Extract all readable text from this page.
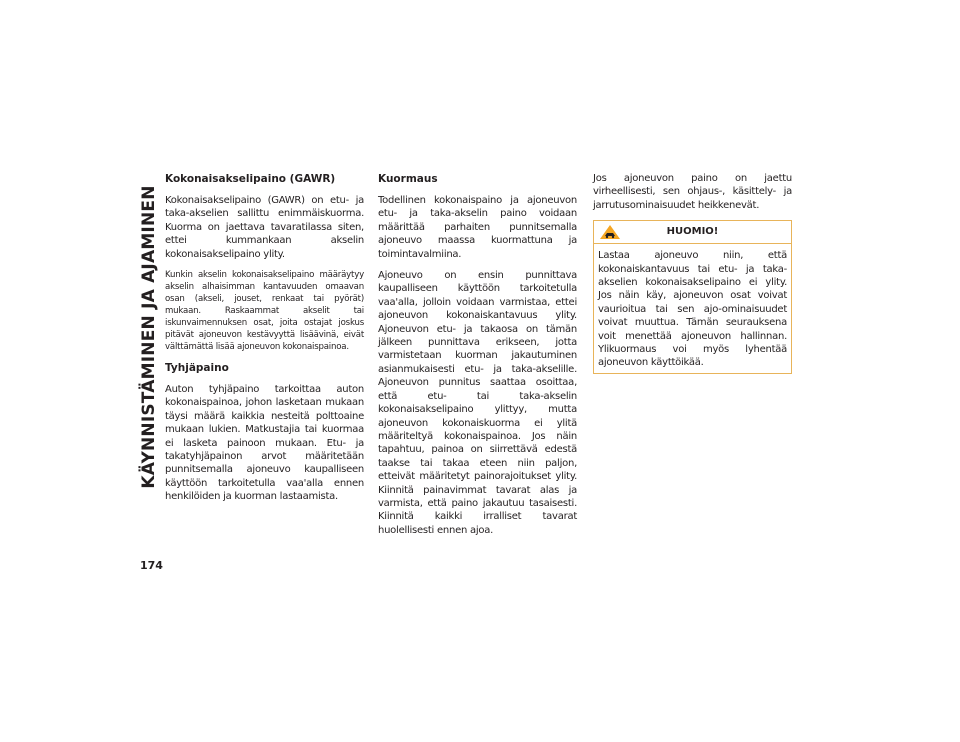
KÄYNNISTÄMINEN JA AJAMINEN
174
Kokonaisakselipaino (GAWR)

Kokonaisakselipaino (GAWR) on etu- ja taka-akselien sallittu enimmäiskuorma. Kuorma on jaettava tavaratilassa siten, ettei kummankaan akselin kokonaisakselipaino ylity.

Kunkin akselin kokonaisakselipaino määräytyy akselin alhaisimman kantavuuden omaavan osan (akseli, jouset, renkaat tai pyörät) mukaan. Raskaammat akselit tai iskunvaimennuksen osat, joita ostajat joskus pitävät ajoneuvon kestävyyttä lisäävinä, eivät välttämättä lisää ajoneuvon kokonaispainoa.

Tyhjäpaino

Auton tyhjäpaino tarkoittaa auton kokonaispainoa, johon lasketaan mukaan täysi määrä kaikkia nesteitä polttoaine mukaan lukien. Matkustajia tai kuormaa ei lasketa painoon mukaan. Etu- ja takatyhjäpainon arvot määritetään punnitsemalla ajoneuvo kaupalliseen käyttöön tarkoitetulla vaa'alla ennen henkilöiden ja kuorman lastaamista.

Kuormaus

Todellinen kokonaispaino ja ajoneuvon etu- ja taka-akselin paino voidaan määrittää parhaiten punnitsemalla ajoneuvo maassa kuormattuna ja toimintavalmiina.

Ajoneuvo on ensin punnittava kaupalliseen käyttöön tarkoitetulla vaa'alla, jolloin voidaan varmistaa, ettei ajoneuvon kokonaiskantavuus ylity. Ajoneuvon etu- ja takaosa on tämän jälkeen punnittava erikseen, jotta varmistetaan kuorman jakautuminen asianmukaisesti etu- ja taka-akselille. Ajoneuvon punnitus saattaa osoittaa, että etu- tai taka-akselin kokonaisakselipaino ylittyy, mutta ajoneuvon kokonaiskuorma ei ylitä määriteltyä kokonaispainoa. Jos näin tapahtuu, painoa on siirrettävä edestä taakse tai takaa eteen niin paljon, etteivät määritetyt painorajoitukset ylity. Kiinnitä painavimmat tavarat alas ja varmista, että paino jakautuu tasaisesti. Kiinnitä kaikki irralliset tavarat huolellisesti ennen ajoa.

Jos ajoneuvon paino on jaettu virheellisesti, sen ohjaus-, käsittely- ja jarrutusominaisuudet heikkenevät.

HUOMIO!

Lastaa ajoneuvo niin, että kokonaiskantavuus tai etu- ja taka-akselien kokonaisakselipaino ei ylity. Jos näin käy, ajoneuvon osat voivat vaurioitua tai sen ajo-ominaisuudet voivat muuttua. Tämän seurauksena voit menettää ajoneuvon hallinnan. Ylikuormaus voi myös lyhentää ajoneuvon käyttöikää.
